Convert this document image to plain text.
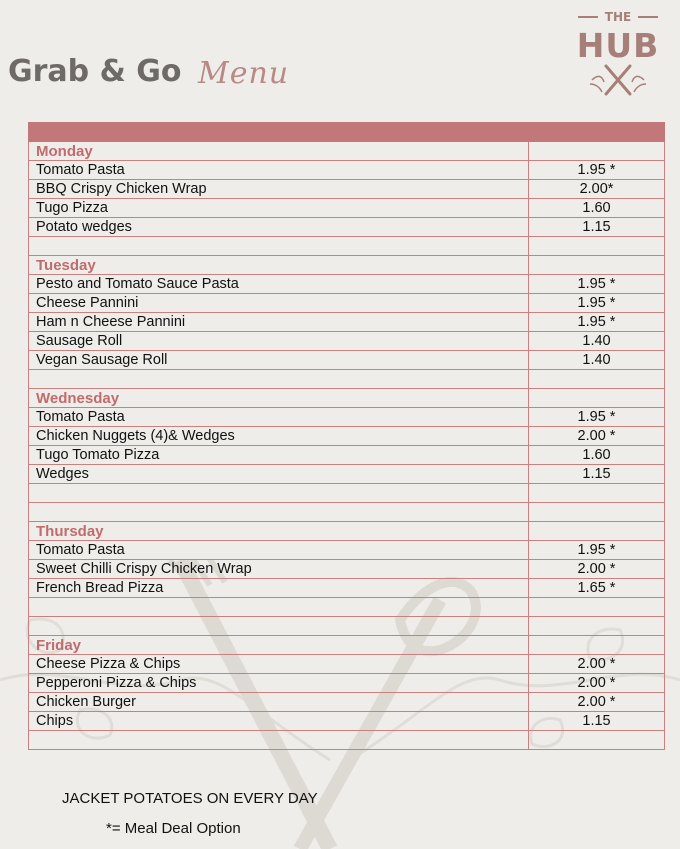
Grab & Go Menu
THE
HUB

Monday	
Tomato Pasta	1.95 *
BBQ Crispy Chicken Wrap	2.00*
Tugo Pizza	1.60
Potato wedges	1.15

Tuesday	
Pesto and Tomato Sauce Pasta	1.95 *
Cheese Pannini	1.95 *
Ham n Cheese Pannini	1.95 *
Sausage Roll	1.40
Vegan Sausage Roll	1.40

Wednesday	
Tomato Pasta	1.95 *
Chicken Nuggets (4)& Wedges	2.00 *
Tugo Tomato Pizza	1.60
Wedges	1.15

Thursday	
Tomato Pasta	1.95 *
Sweet Chilli Crispy Chicken Wrap	2.00 *
French Bread Pizza	1.65 *

Friday	
Cheese Pizza & Chips	2.00 *
Pepperoni Pizza & Chips	2.00 *
Chicken Burger	2.00 *
Chips	1.15

JACKET POTATOES ON EVERY DAY
*= Meal Deal Option
